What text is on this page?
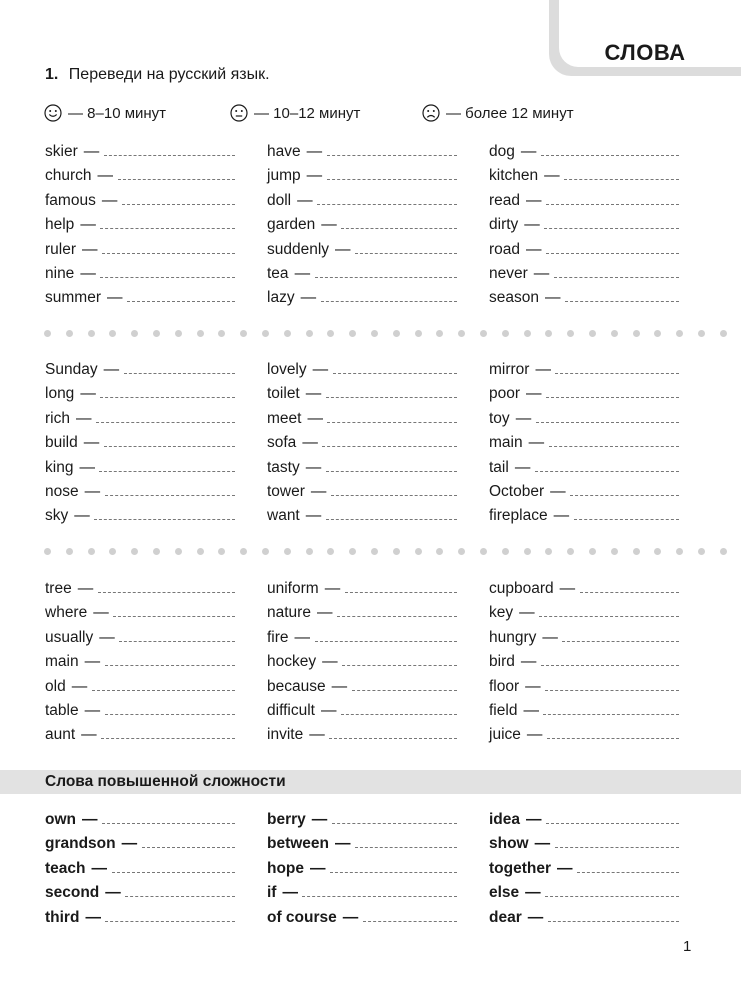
СЛОВА
1. Переведи на русский язык.
— 8–10 минут	— 10–12 минут	— более 12 минут
skier —
church —
famous —
help —
ruler —
nine —
summer —
have —
jump —
doll —
garden —
suddenly —
tea —
lazy —
dog —
kitchen —
read —
dirty —
road —
never —
season —
Sunday —
long —
rich —
build —
king —
nose —
sky —
lovely —
toilet —
meet —
sofa —
tasty —
tower —
want —
mirror —
poor —
toy —
main —
tail —
October —
fireplace —
tree —
where —
usually —
main —
old —
table —
aunt —
uniform —
nature —
fire —
hockey —
because —
difficult —
invite —
cupboard —
key —
hungry —
bird —
floor —
field —
juice —
own —
grandson —
teach —
second —
third —
berry —
between —
hope —
if —
of course —
idea —
show —
together —
else —
dear —
Слова повышенной сложности
1
